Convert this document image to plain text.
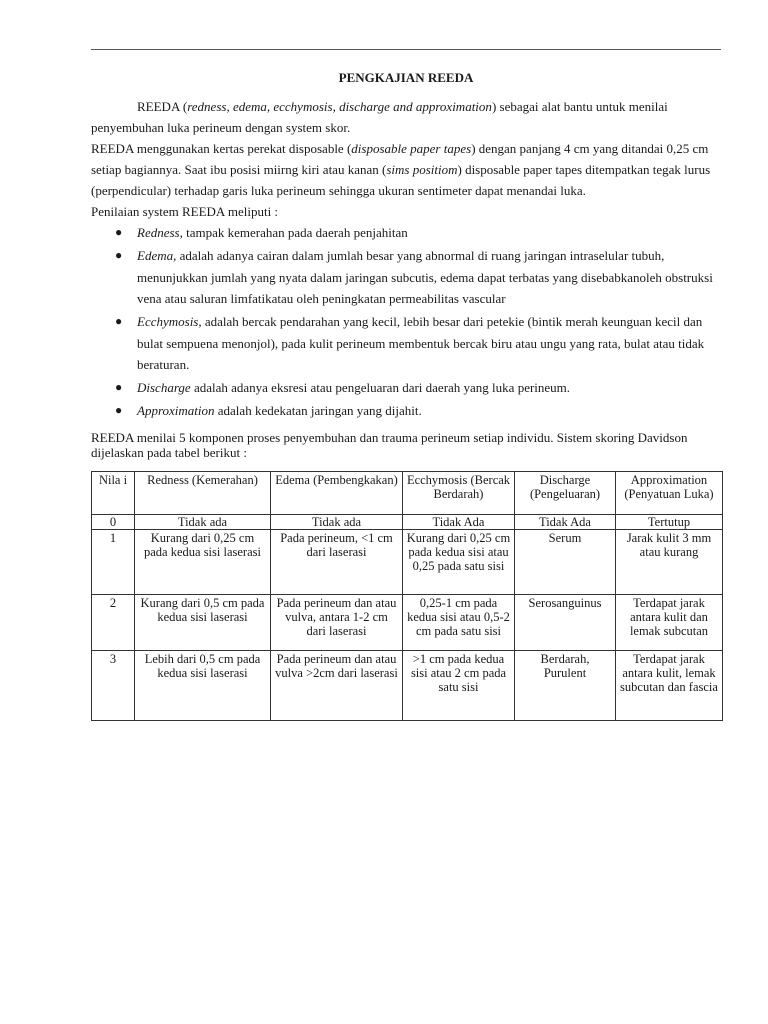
PENGKAJIAN REEDA

REEDA (redness, edema, ecchymosis, discharge and approximation) sebagai alat bantu untuk menilai penyembuhan luka perineum dengan system skor.

REEDA menggunakan kertas perekat disposable (disposable paper tapes) dengan panjang 4 cm yang ditandai 0,25 cm setiap bagiannya. Saat ibu posisi miirng kiri atau kanan (sims positiom) disposable paper tapes ditempatkan tegak lurus (perpendicular) terhadap garis luka perineum sehingga ukuran sentimeter dapat menandai luka.

Penilaian system REEDA meliputi :

● Redness, tampak kemerahan pada daerah penjahitan
● Edema, adalah adanya cairan dalam jumlah besar yang abnormal di ruang jaringan intraselular tubuh, menunjukkan jumlah yang nyata dalam jaringan subcutis, edema dapat terbatas yang disebabkanoleh obstruksi vena atau saluran limfatikatau oleh peningkatan permeabilitas vascular
● Ecchymosis, adalah bercak pendarahan yang kecil, lebih besar dari petekie (bintik merah keunguan kecil dan bulat sempuena menonjol), pada kulit perineum membentuk bercak biru atau ungu yang rata, bulat atau tidak beraturan.
● Discharge adalah adanya eksresi atau pengeluaran dari daerah yang luka perineum.
● Approximation adalah kedekatan jaringan yang dijahit.

REEDA menilai 5 komponen proses penyembuhan dan trauma perineum setiap individu. Sistem skoring Davidson dijelaskan pada tabel berikut :

Nila i	Redness (Kemerahan)	Edema (Pembengkakan)	Ecchymosis (Bercak Berdarah)	Discharge (Pengeluaran)	Approximation (Penyatuan Luka)
0	Tidak ada	Tidak ada	Tidak Ada	Tidak Ada	Tertutup
1	Kurang dari 0,25 cm pada kedua sisi laserasi	Pada perineum, <1 cm dari laserasi	Kurang dari 0,25 cm pada kedua sisi atau 0,25 pada satu sisi	Serum	Jarak kulit 3 mm atau kurang
2	Kurang dari 0,5 cm pada kedua sisi laserasi	Pada perineum dan atau vulva, antara 1-2 cm dari laserasi	0,25-1 cm pada kedua sisi atau 0,5-2 cm pada satu sisi	Serosanguinus	Terdapat jarak antara kulit dan lemak subcutan
3	Lebih dari 0,5 cm pada kedua sisi laserasi	Pada perineum dan atau vulva >2cm dari laserasi	>1 cm pada kedua sisi atau 2 cm pada satu sisi	Berdarah, Purulent	Terdapat jarak antara kulit, lemak subcutan dan fascia
